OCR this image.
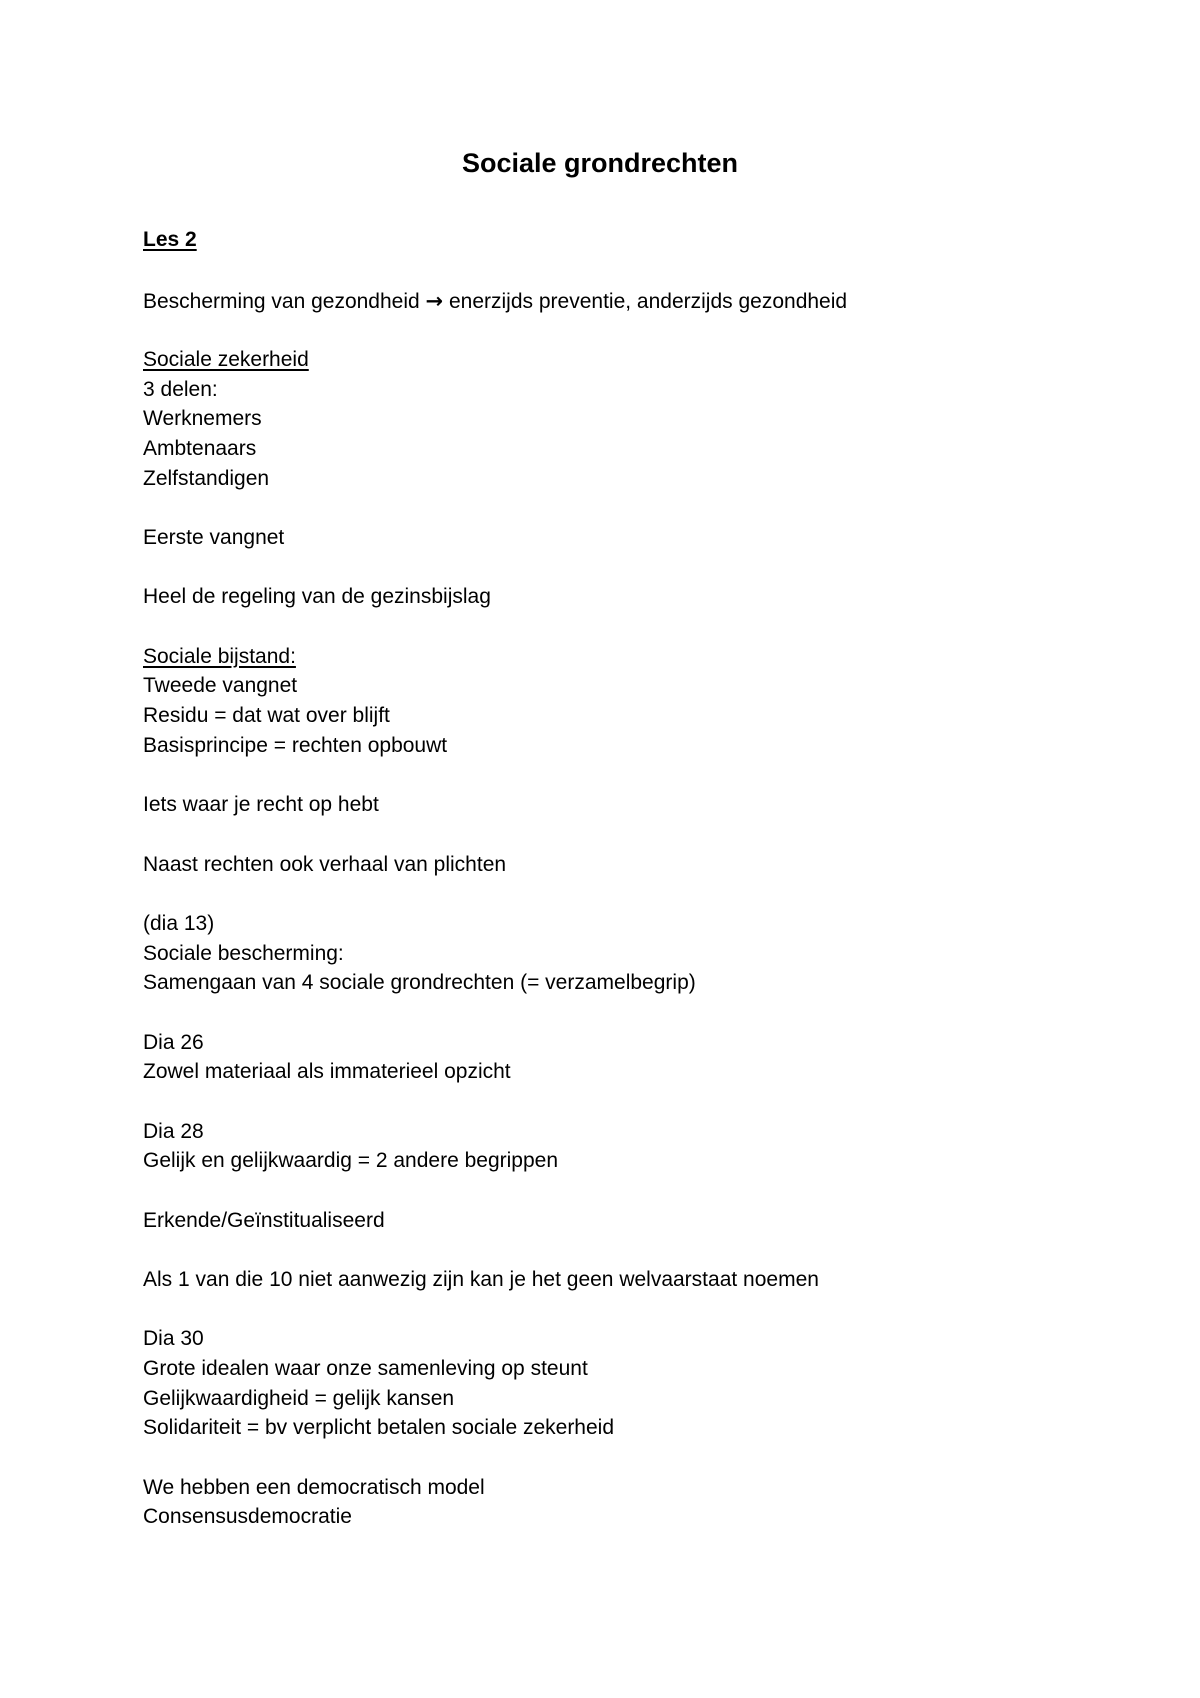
Sociale grondrechten
Les 2
Bescherming van gezondheid → enerzijds preventie, anderzijds gezondheid
Sociale zekerheid
3 delen:
Werknemers
Ambtenaars
Zelfstandigen
Eerste vangnet
Heel de regeling van de gezinsbijslag
Sociale bijstand:
Tweede vangnet
Residu = dat wat over blijft
Basisprincipe = rechten opbouwt
Iets waar je recht op hebt
Naast rechten ook verhaal van plichten
(dia 13)
Sociale bescherming:
Samengaan van 4 sociale grondrechten (= verzamelbegrip)
Dia 26
Zowel materiaal als immaterieel opzicht
Dia 28
Gelijk en gelijkwaardig = 2 andere begrippen
Erkende/Geïnstitualiseerd
Als 1 van die 10 niet aanwezig zijn kan je het geen welvaarstaat noemen
Dia 30
Grote idealen waar onze samenleving op steunt
Gelijkwaardigheid = gelijk kansen
Solidariteit = bv verplicht betalen sociale zekerheid
We hebben een democratisch model
Consensusdemocratie
